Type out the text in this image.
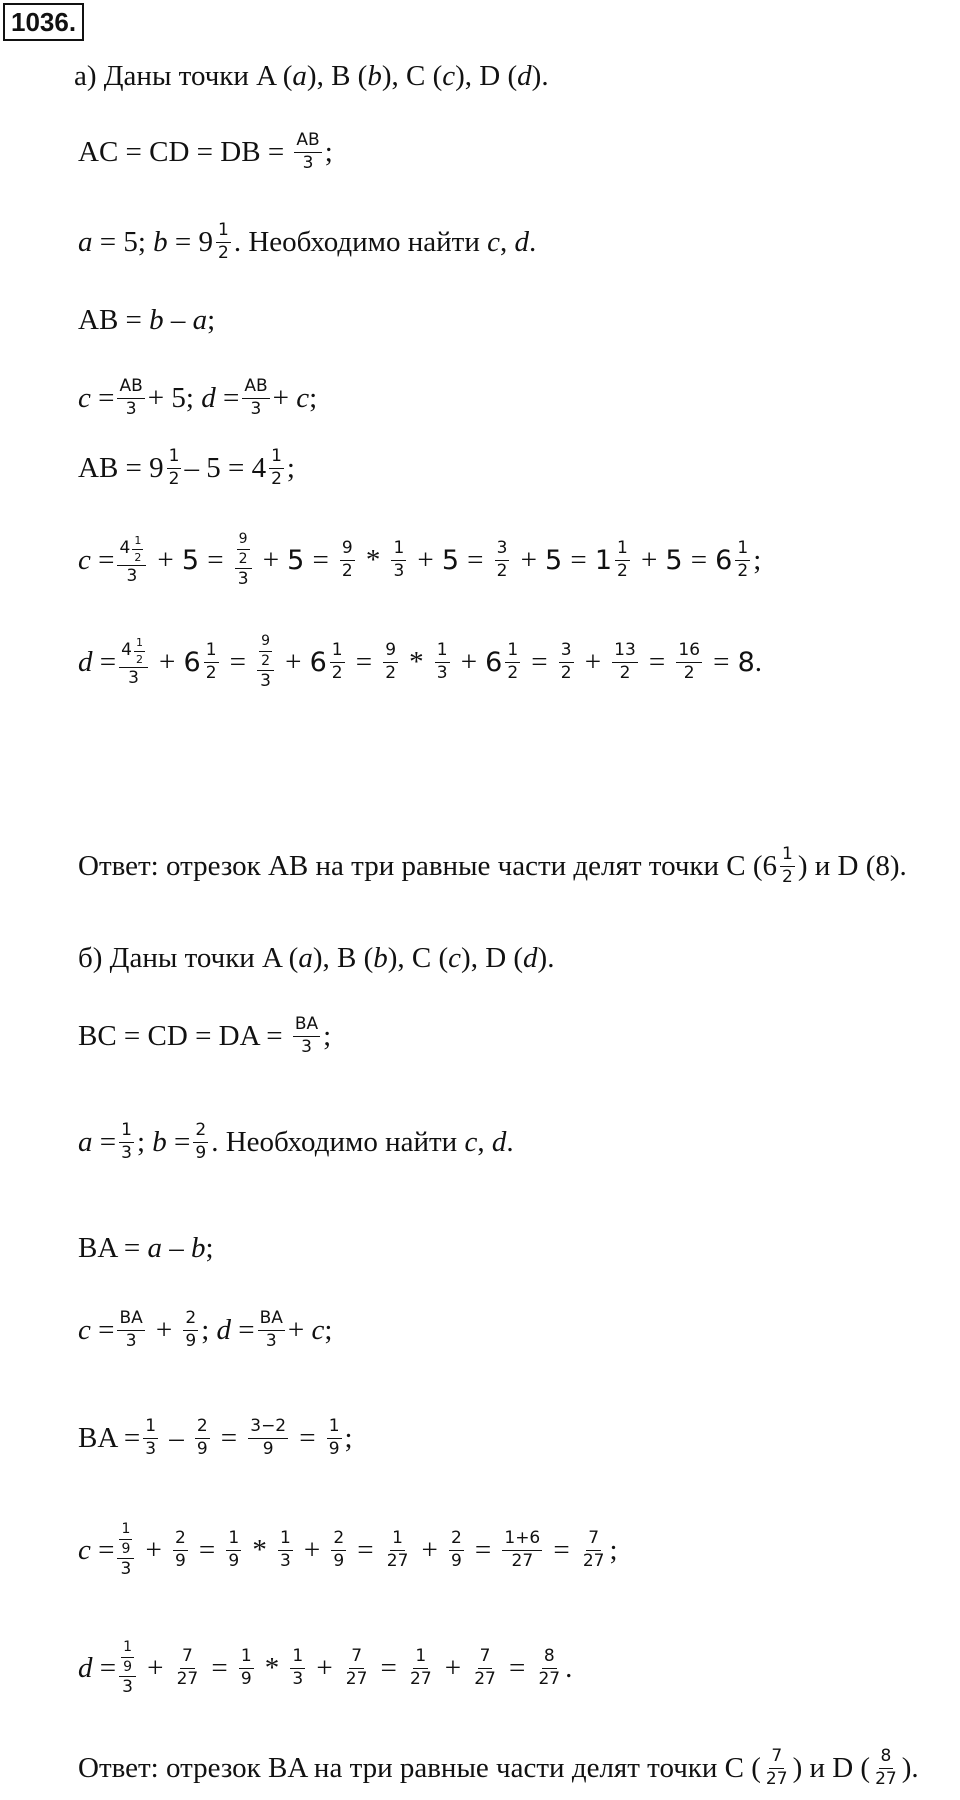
1036.
а) Даны точки A (a), B (b), C (c), D (d).
AC = CD = DB = $\frac{AB}{3}$ ;
a = 5; $b = 9 \frac{1}{2}$ . Необходимо найти c, d.
AB = b – a;
$c = \frac{AB}{3} + 5$; $d = \frac{AB}{3} + c$;
AB = $9 \frac{1}{2} - 5 = 4 \frac{1}{2}$ ;
$c = \frac{4 \frac{1}{2}}{3} + 5 = \frac{\frac{9}{2}}{3} + 5 = \frac{9}{2} * \frac{1}{3} + 5 = \frac{3}{2} + 5 = 1 \frac{1}{2} + 5 = 6 \frac{1}{2}$ ;
$d = \frac{4 \frac{1}{2}}{3} + 6 \frac{1}{2} = \frac{\frac{9}{2}}{3} + 6 \frac{1}{2} = \frac{9}{2} * \frac{1}{3} + 6 \frac{1}{2} = \frac{3}{2} + \frac{13}{2} = \frac{16}{2} = 8$ .
Ответ: отрезок AB на три равные части делят точки C ($6 \frac{1}{2}$ ) и D (8).
б) Даны точки A (a), B (b), C (c), D (d).
BC = CD = DA = $\frac{BA}{3}$ ;
$a = \frac{1}{3}$ ; $b = \frac{2}{9}$ . Необходимо найти c, d.
BA = a – b;
$c = \frac{BA}{3} + \frac{2}{9}$ ; $d = \frac{BA}{3} + c$;
BA = $\frac{1}{3} - \frac{2}{9} = \frac{3-2}{9} = \frac{1}{9}$ ;
$c = \frac{\frac{1}{9}}{3} + \frac{2}{9} = \frac{1}{9} * \frac{1}{3} + \frac{2}{9} = \frac{1}{27} + \frac{2}{9} = \frac{1+6}{27} = \frac{7}{27}$ ;
$d = \frac{\frac{1}{9}}{3} + \frac{7}{27} = \frac{1}{9} * \frac{1}{3} + \frac{7}{27} = \frac{1}{27} + \frac{7}{27} = \frac{8}{27}$ .
Ответ: отрезок BA на три равные части делят точки C ( $\frac{7}{27}$ ) и D ( $\frac{8}{27}$ ).
